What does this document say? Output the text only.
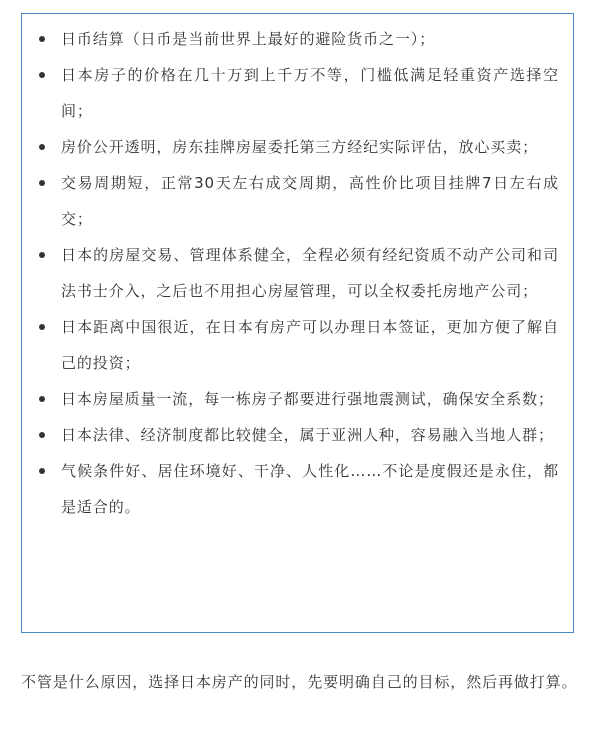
日币结算（日币是当前世界上最好的避险货币之一）；
日本房子的价格在几十万到上千万不等，门槛低满足轻重资产选择空间；
房价公开透明，房东挂牌房屋委托第三方经纪实际评估，放心买卖；
交易周期短，正常30天左右成交周期，高性价比项目挂牌7日左右成交；
日本的房屋交易、管理体系健全，全程必须有经纪资质不动产公司和司法书士介入，之后也不用担心房屋管理，可以全权委托房地产公司；
日本距离中国很近，在日本有房产可以办理日本签证，更加方便了解自己的投资；
日本房屋质量一流，每一栋房子都要进行强地震测试，确保安全系数；
日本法律、经济制度都比较健全，属于亚洲人种，容易融入当地人群；
气候条件好、居住环境好、干净、人性化……不论是度假还是永住，都是适合的。

不管是什么原因，选择日本房产的同时，先要明确自己的目标，然后再做打算。
